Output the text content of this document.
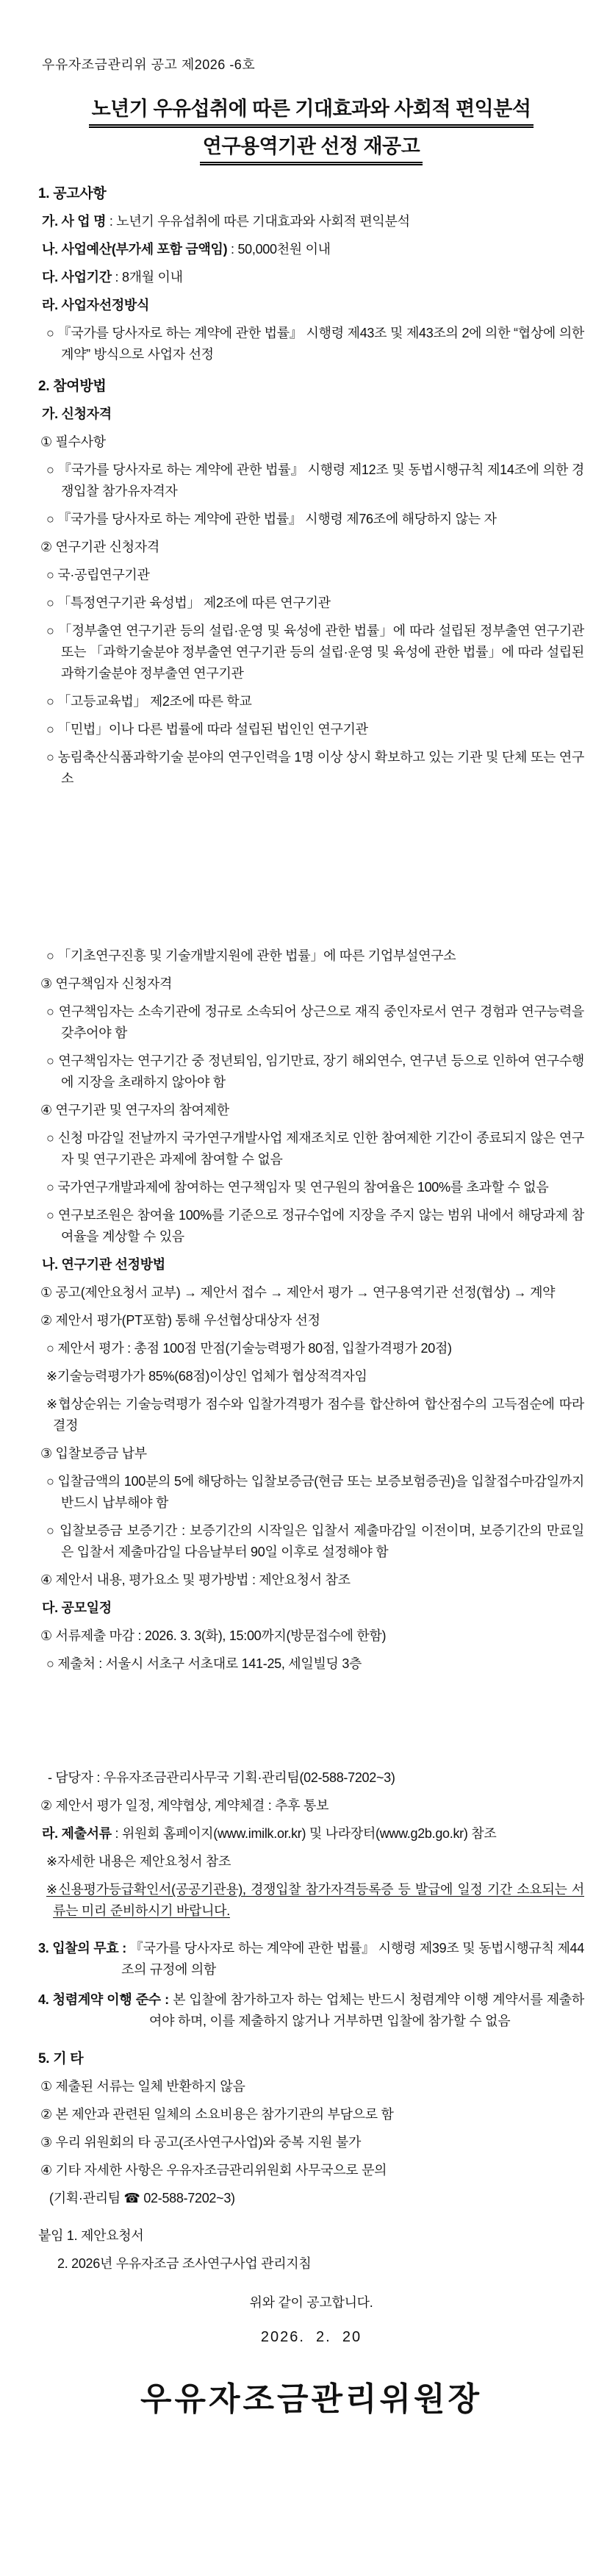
우유자조금관리위 공고 제2026 -6호

노년기 우유섭취에 따른 기대효과와 사회적 편익분석
연구용역기관 선정 재공고

1. 공고사항

가. 사 업 명 : 노년기 우유섭취에 따른 기대효과와 사회적 편익분석

나. 사업예산(부가세 포함 금액임) : 50,000천원 이내

다. 사업기간 : 8개월 이내

라. 사업자선정방식

○ 『국가를 당사자로 하는 계약에 관한 법률』 시행령 제43조 및 제43조의 2에 의한 “협상에 의한 계약” 방식으로 사업자 선정

2. 참여방법

가. 신청자격

① 필수사항

○ 『국가를 당사자로 하는 계약에 관한 법률』 시행령 제12조 및 동법시행규칙 제14조에 의한 경쟁입찰 참가유자격자

○ 『국가를 당사자로 하는 계약에 관한 법률』 시행령 제76조에 해당하지 않는 자

② 연구기관 신청자격

○ 국·공립연구기관

○ 「특정연구기관 육성법」 제2조에 따른 연구기관

○ 「정부출연 연구기관 등의 설립·운영 및 육성에 관한 법률」에 따라 설립된 정부출연 연구기관 또는 「과학기술분야 정부출연 연구기관 등의 설립·운영 및 육성에 관한 법률」에 따라 설립된 과학기술분야 정부출연 연구기관

○ 「고등교육법」 제2조에 따른 학교

○ 「민법」이나 다른 법률에 따라 설립된 법인인 연구기관

○ 농림축산식품과학기술 분야의 연구인력을 1명 이상 상시 확보하고 있는 기관 및 단체 또는 연구소

○ 「기초연구진흥 및 기술개발지원에 관한 법률」에 따른 기업부설연구소

③ 연구책임자 신청자격

○ 연구책임자는 소속기관에 정규로 소속되어 상근으로 재직 중인자로서 연구 경험과 연구능력을 갖추어야 함

○ 연구책임자는 연구기간 중 정년퇴임, 임기만료, 장기 해외연수, 연구년 등으로 인하여 연구수행에 지장을 초래하지 않아야 함

④ 연구기관 및 연구자의 참여제한

○ 신청 마감일 전날까지 국가연구개발사업 제재조치로 인한 참여제한 기간이 종료되지 않은 연구자 및 연구기관은 과제에 참여할 수 없음

○ 국가연구개발과제에 참여하는 연구책임자 및 연구원의 참여율은 100%를 초과할 수 없음

○ 연구보조원은 참여율 100%를 기준으로 정규수업에 지장을 주지 않는 범위 내에서 해당과제 참여율을 계상할 수 있음

나. 연구기관 선정방법

① 공고(제안요청서 교부) → 제안서 접수 → 제안서 평가 → 연구용역기관 선정(협상) → 계약

② 제안서 평가(PT포함) 통해 우선협상대상자 선정

○ 제안서 평가 : 총점 100점 만점(기술능력평가 80점, 입찰가격평가 20점)

※기술능력평가가 85%(68점)이상인 업체가 협상적격자임

※협상순위는 기술능력평가 점수와 입찰가격평가 점수를 합산하여 합산점수의 고득점순에 따라 결정

③ 입찰보증금 납부

○ 입찰금액의 100분의 5에 해당하는 입찰보증금(현금 또는 보증보험증권)을 입찰접수마감일까지 반드시 납부해야 함

○ 입찰보증금 보증기간 : 보증기간의 시작일은 입찰서 제출마감일 이전이며, 보증기간의 만료일은 입찰서 제출마감일 다음날부터 90일 이후로 설정해야 함

④ 제안서 내용, 평가요소 및 평가방법 : 제안요청서 참조

다. 공모일정

① 서류제출 마감 : 2026. 3. 3(화), 15:00까지(방문접수에 한함)

○ 제출처 : 서울시 서초구 서초대로 141-25, 세일빌딩 3층

- 담당자 : 우유자조금관리사무국 기획·관리팀(02-588-7202~3)

② 제안서 평가 일정, 계약협상, 계약체결 : 추후 통보

라. 제출서류 : 위원회 홈페이지(www.imilk.or.kr) 및 나라장터(www.g2b.go.kr) 참조

※자세한 내용은 제안요청서 참조

※신용평가등급확인서(공공기관용), 경쟁입찰 참가자격등록증 등 발급에 일정 기간 소요되는 서류는 미리 준비하시기 바랍니다.

3. 입찰의 무효 : 『국가를 당사자로 하는 계약에 관한 법률』 시행령 제39조 및 동법시행규칙 제44조의 규정에 의함

4. 청렴계약 이행 준수 : 본 입찰에 참가하고자 하는 업체는 반드시 청렴계약 이행 계약서를 제출하여야 하며, 이를 제출하지 않거나 거부하면 입찰에 참가할 수 없음

5. 기 타

① 제출된 서류는 일체 반환하지 않음

② 본 제안과 관련된 일체의 소요비용은 참가기관의 부담으로 함

③ 우리 위원회의 타 공고(조사연구사업)와 중복 지원 불가

④ 기타 자세한 사항은 우유자조금관리위원회 사무국으로 문의

(기획·관리팀 ☎ 02-588-7202~3)

붙임 1. 제안요청서

2. 2026년 우유자조금 조사연구사업 관리지침

위와 같이 공고합니다.

2026.  2.  20

우유자조금관리위원장
